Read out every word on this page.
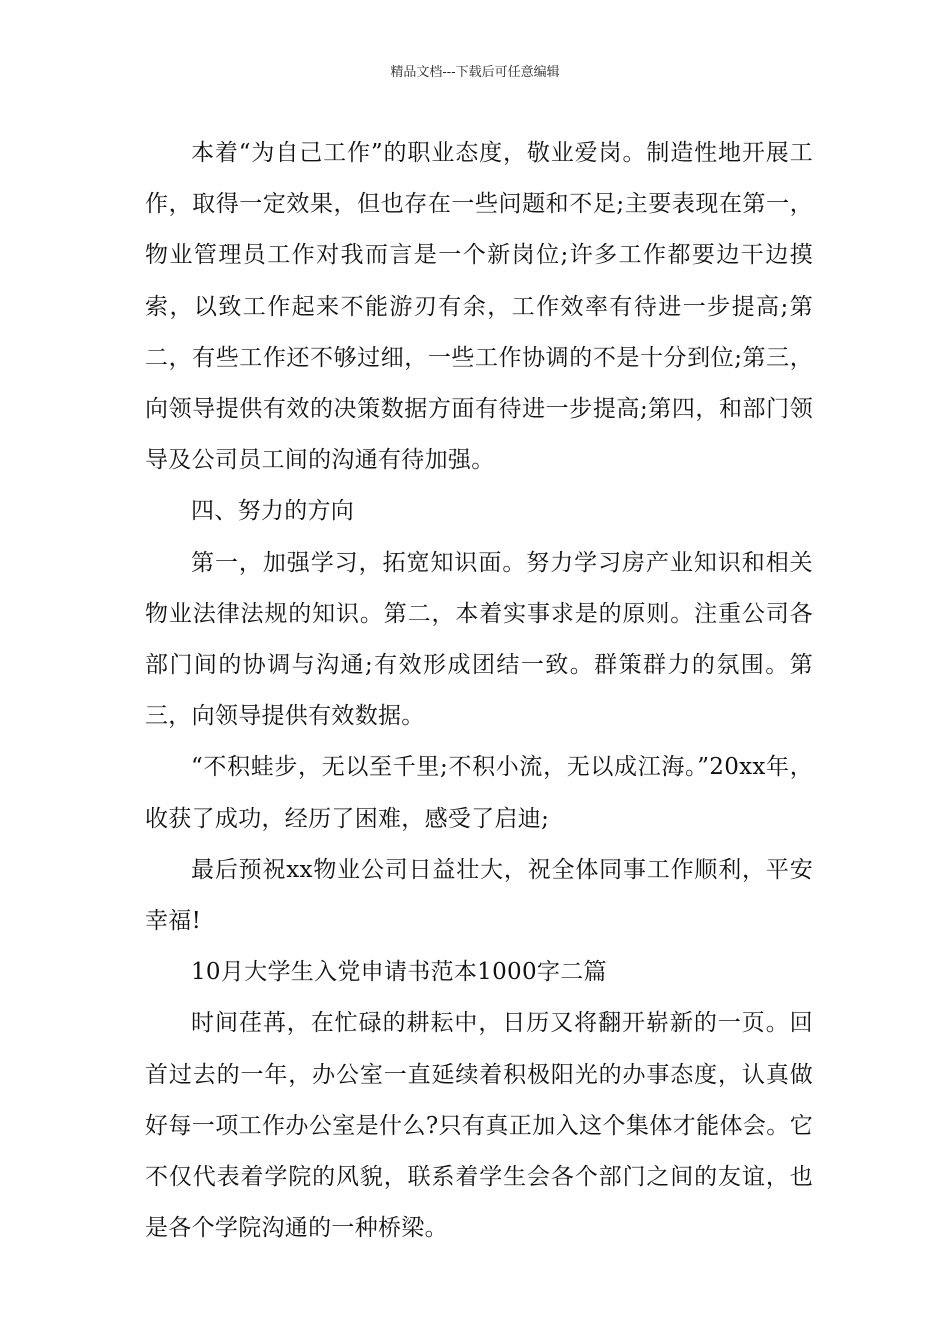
精品文档---下载后可任意编辑

本着“为自己工作”的职业态度，敬业爱岗。制造性地开展工作，取得一定效果，但也存在一些问题和不足;主要表现在第一，物业管理员工作对我而言是一个新岗位;许多工作都要边干边摸索，以致工作起来不能游刃有余，工作效率有待进一步提高;第二，有些工作还不够过细，一些工作协调的不是十分到位;第三，向领导提供有效的决策数据方面有待进一步提高;第四，和部门领导及公司员工间的沟通有待加强。

四、努力的方向

第一，加强学习，拓宽知识面。努力学习房产业知识和相关物业法律法规的知识。第二，本着实事求是的原则。注重公司各部门间的协调与沟通;有效形成团结一致。群策群力的氛围。第三，向领导提供有效数据。

“不积蛙步，无以至千里;不积小流，无以成江海。”20xx年，收获了成功，经历了困难，感受了启迪;

最后预祝xx物业公司日益壮大，祝全体同事工作顺利，平安幸福!

10月大学生入党申请书范本1000字二篇

时间荏苒，在忙碌的耕耘中，日历又将翻开崭新的一页。回首过去的一年，办公室一直延续着积极阳光的办事态度，认真做好每一项工作办公室是什么?只有真正加入这个集体才能体会。它不仅代表着学院的风貌，联系着学生会各个部门之间的友谊，也是各个学院沟通的一种桥梁。
